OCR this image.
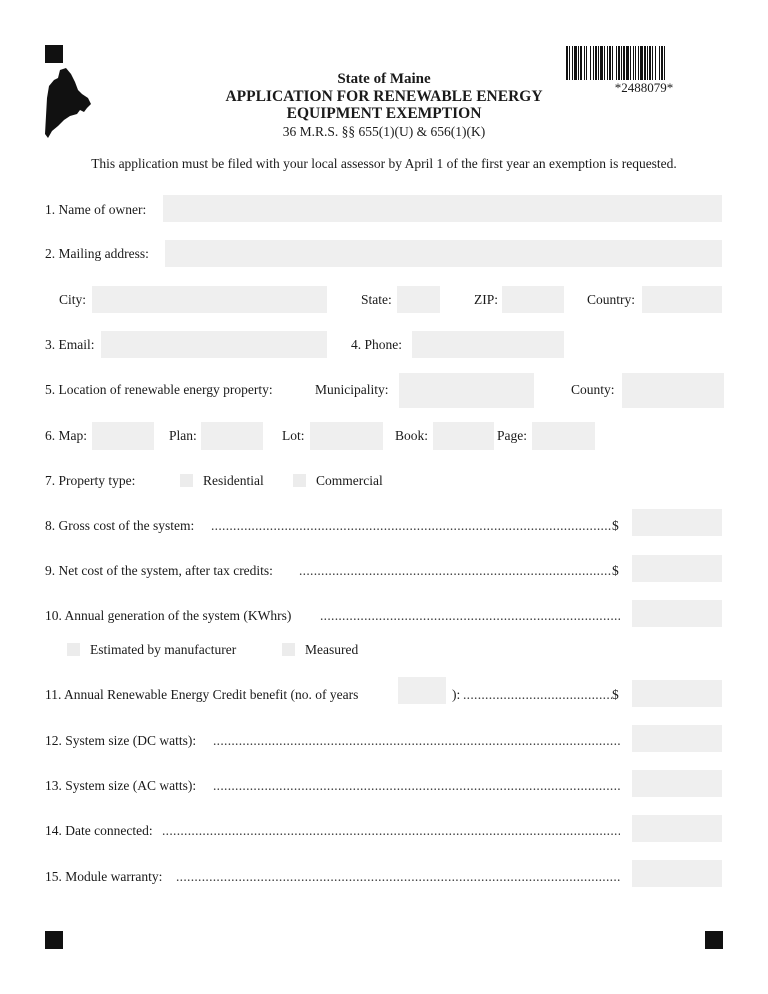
*2488079*
State of Maine
APPLICATION FOR RENEWABLE ENERGY
EQUIPMENT EXEMPTION
36 M.R.S. §§ 655(1)(U) & 656(1)(K)
This application must be filed with your local assessor by April 1 of the first year an exemption is requested.
1. Name of owner:
2. Mailing address:
City:	State:	ZIP:	Country:
3. Email:	4. Phone:
5. Location of renewable energy property:	Municipality:	County:
6. Map:	Plan:	Lot:	Book:	Page:
7. Property type:	Residential	Commercial
8. Gross cost of the system: .....	$
9. Net cost of the system, after tax credits: .....	$
10. Annual generation of the system (KWhrs)
.....
Estimated by manufacturer	Measured
11. Annual Renewable Energy Credit benefit (no. of years	): .....	$
12. System size (DC watts):
.....
13. System size (AC watts):
.....
14. Date connected:
.....
15. Module warranty:
.....
